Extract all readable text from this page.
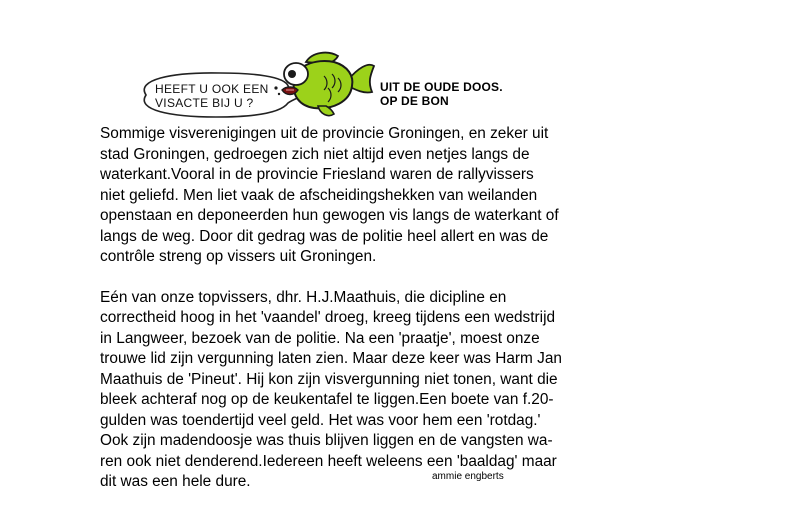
HEEFT U OOK EEN
VISACTE BIJ U ?
UIT DE OUDE DOOS.
OP DE BON
Sommige visverenigingen uit de provincie Groningen, en zeker uit
stad Groningen, gedroegen zich niet altijd even netjes langs de
waterkant.Vooral in de provincie Friesland waren de rallyvissers
niet geliefd. Men liet vaak de afscheidingshekken van weilanden
openstaan en deponeerden hun gewogen vis langs de waterkant of
langs de weg. Door dit gedrag was de politie heel allert en was de
contrôle streng op vissers uit Groningen.
Eén van onze topvissers, dhr. H.J.Maathuis, die dicipline en
correctheid hoog in het 'vaandel' droeg, kreeg tijdens een wedstrijd
in Langweer, bezoek van de politie. Na een 'praatje', moest onze
trouwe lid zijn vergunning laten zien. Maar deze keer was Harm Jan
Maathuis de 'Pineut'. Hij kon zijn visvergunning niet tonen, want die
bleek achteraf nog op de keukentafel te liggen.Een boete van f.20-
gulden was toendertijd veel geld. Het was voor hem een 'rotdag.'
Ook zijn madendoosje was thuis blijven liggen en de vangsten wa-
ren ook niet denderend.Iedereen heeft weleens een 'baaldag' maar
dit was een hele dure.	ammie engberts
